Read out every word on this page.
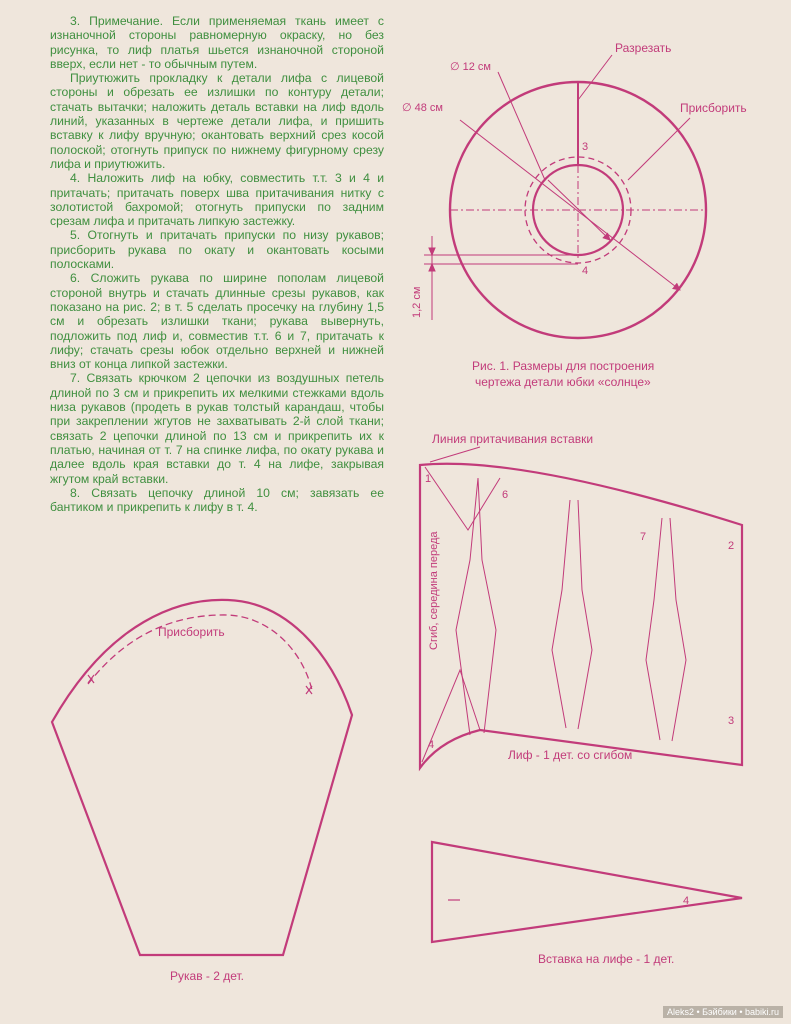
3. Примечание. Если применяемая ткань имеет с изнаночной стороны равномерную окраску, но без рисунка, то лиф платья шьется изнаночной стороной вверх, если нет - то обычным путем.

Приутюжить прокладку к детали лифа с лицевой стороны и обрезать ее излишки по контуру детали; стачать вытачки; наложить деталь вставки на лиф вдоль линий, указанных в чертеже детали лифа, и пришить вставку к лифу вручную; окантовать верхний срез косой полоской; отогнуть припуск по нижнему фигурному срезу лифа и приутюжить.

4. Наложить лиф на юбку, совместить т.т. 3 и 4 и притачать; притачать поверх шва притачивания нитку с золотистой бахромой; отогнуть припуски по задним срезам лифа и притачать липкую застежку.

5. Отогнуть и притачать припуски по низу рукавов; присборить рукава по окату и окантовать косыми полосками.

6. Сложить рукава по ширине пополам лицевой стороной внутрь и стачать длинные срезы рукавов, как показано на рис. 2; в т. 5 сделать просечку на глубину 1,5 см и обрезать излишки ткани; рукава вывернуть, подложить под лиф и, совместив т.т. 6 и 7, притачать к лифу; стачать срезы юбок отдельно верхней и нижней вниз от конца липкой застежки.

7. Связать крючком 2 цепочки из воздушных петель длиной по 3 см и прикрепить их мелкими стежками вдоль низа рукавов (продеть в рукав толстый карандаш, чтобы при закреплении жгутов не захватывать 2-й слой ткани; связать 2 цепочки длиной по 13 см и прикрепить их к платью, начиная от т. 7 на спинке лифа, по окату рукава и далее вдоль края вставки до т. 4 на лифе, закрывая жгутом край вставки.

8. Связать цепочку длиной 10 см; завязать ее бантиком и прикрепить к лифу в т. 4.

Разрезать
Присборить
∅ 12 см
∅ 48 см
1,2 см
3
4
Рис. 1. Размеры для построения
чертежа детали юбки «солнце»
Линия притачивания вставки
Сгиб, середина переда
1
2
3
4
6
7
Лиф - 1 дет. со сгибом
Присборить
Рукав - 2 дет.
4
Вставка на лифе - 1 дет.
Aleks2 • Бэйбики • babiki.ru
